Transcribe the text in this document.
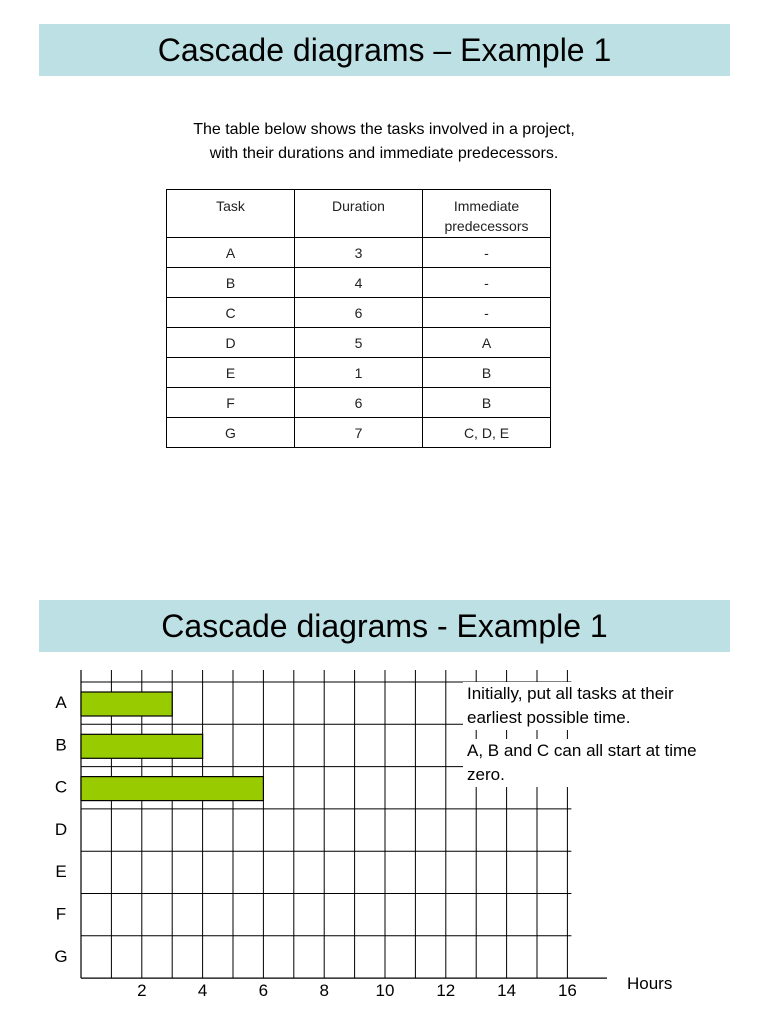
Cascade diagrams – Example 1
The table below shows the tasks involved in a project,
with their durations and immediate predecessors.
Task	Duration	Immediate predecessors
A	3	-
B	4	-
C	6	-
D	5	A
E	1	B
F	6	B
G	7	C, D, E
Cascade diagrams - Example 1
A
B
C
D
E
F
G
2	4	6	8	10 12 14 16	Hours
Initially, put all tasks at their earliest possible time.
A, B and C can all start at time zero.
